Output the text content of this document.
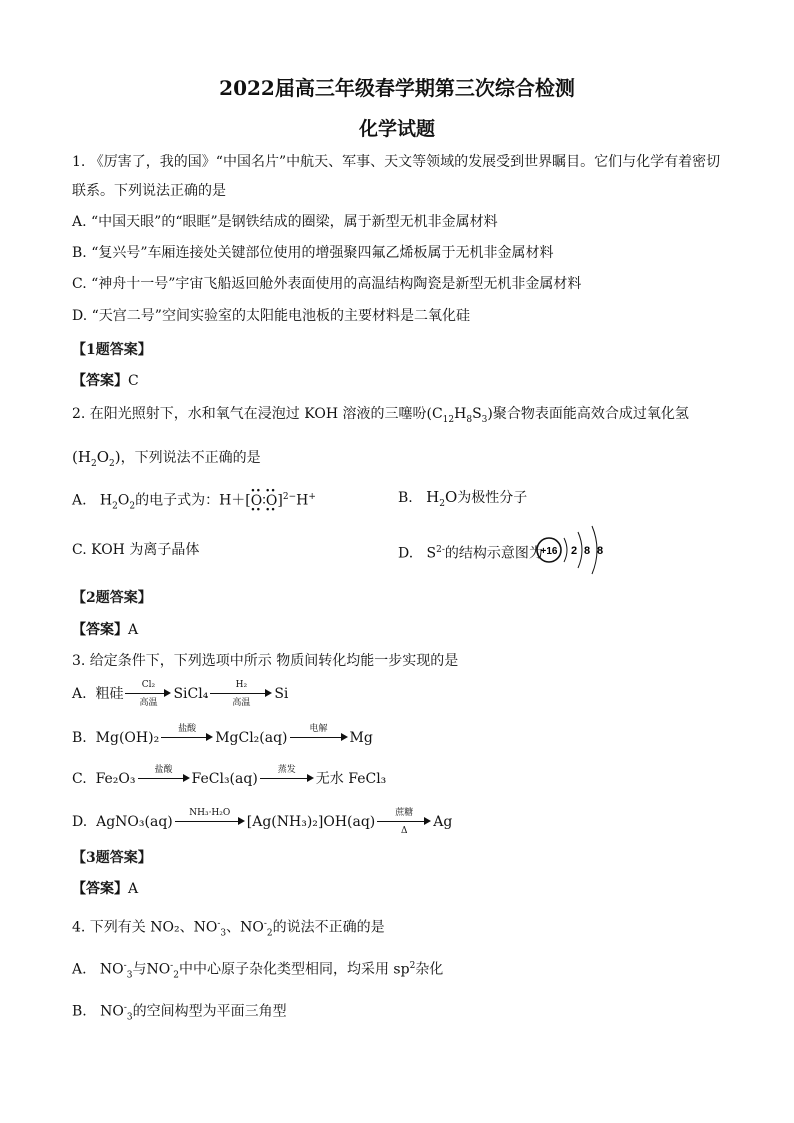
2022届高三年级春学期第三次综合检测
化学试题
1. 《厉害了，我的国》“中国名片”中航天、军事、天文等领域的发展受到世界瞩目。它们与化学有着密切
联系。下列说法正确的是
A. “中国天眼”的“眼眶”是钢铁结成的圈梁，属于新型无机非金属材料
B. “复兴号”车厢连接处关键部位使用的增强聚四氟乙烯板属于无机非金属材料
C. “神舟十一号”宇宙飞船返回舱外表面使用的高温结构陶瓷是新型无机非金属材料
D. “天宫二号”空间实验室的太阳能电池板的主要材料是二氧化硅
【1题答案】
【答案】C
2. 在阳光照射下，水和氧气在浸泡过 KOH 溶液的三噻吩$(C_{12}H_8S_3)$聚合物表面能高效合成过氧化氢
$(H_2O_2)$，下列说法不正确的是
A. $H_2O_2$的电子式为：H＋[
∙∙ ∙∙
O∶O
∙∙ ∙∙
]$^{2-}$H+	B. $H_2O$为极性分子
C. KOH 为离子晶体	D. $S^{2-}$的结构示意图为
+16 2 8 8
【2题答案】
【答案】A
3. 给定条件下，下列选项中所示 物质间转化均能一步实现的是
A. 粗硅
Cl₂
高温
SiCl₄
H₂
高温
Si
B. Mg(OH)₂
盐酸
MgCl₂(aq)
电解
Mg
C. Fe₂O₃
盐酸
FeCl₃(aq)
蒸发
无水 FeCl₃
D. AgNO₃(aq)
NH₃·H₂O
[Ag(NH₃)₂]OH(aq)
蔗糖
Δ
Ag
【3题答案】
【答案】A
4. 下列有关 NO₂、$NO^-_3$、$NO^-_2$的说法不正确的是
A. $NO^-_3$与$NO^-_2$中中心原子杂化类型相同，均采用 $sp^2$杂化
B. $NO^-_3$的空间构型为平面三角型
